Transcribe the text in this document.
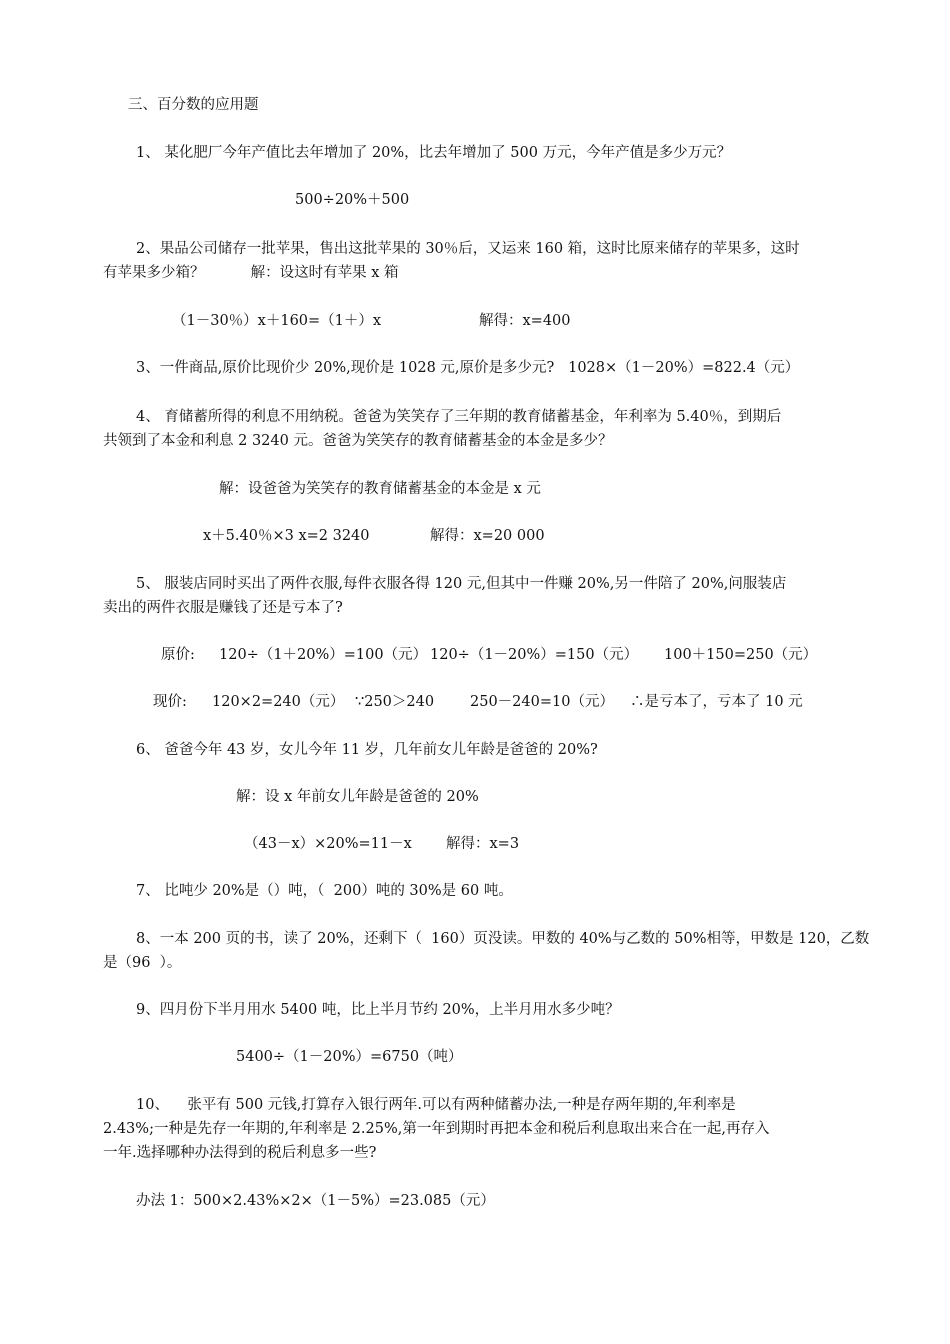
三、百分数的应用题
1、 某化肥厂今年产值比去年增加了 20%，比去年增加了 500 万元，今年产值是多少万元？
500÷20%＋500
2、果品公司储存一批苹果，售出这批苹果的 30％后，又运来 160 箱，这时比原来储存的苹果多，这时
有苹果多少箱？          解：设这时有苹果 x 箱
（1－30％）x＋160=（1＋）x	解得：x=400
3、一件商品,原价比现价少 20%,现价是 1028 元,原价是多少元?   1028×（1－20%）=822.4（元）
4、 育储蓄所得的利息不用纳税。爸爸为笑笑存了三年期的教育储蓄基金，年利率为 5.40％，到期后
共领到了本金和利息 2 3240 元。爸爸为笑笑存的教育储蓄基金的本金是多少？
解：设爸爸为笑笑存的教育储蓄基金的本金是 x 元
x＋5.40％×3 x=2 3240	解得：x=20 000
5、 服装店同时买出了两件衣服,每件衣服各得 120 元,但其中一件赚 20%,另一件陪了 20%,问服装店
卖出的两件衣服是赚钱了还是亏本了?
原价: 120÷（1＋20%）=100（元） 120÷（1－20%）=150（元） 100＋150=250（元）
现价: 120×2=240（元） ∵250＞240 250－240=10（元） ∴是亏本了，亏本了 10 元
6、 爸爸今年 43 岁，女儿今年 11 岁，几年前女儿年龄是爸爸的 20%?
解：设 x 年前女儿年龄是爸爸的 20%
（43－x）×20%=11－x 解得：x=3
7、 比吨少 20%是（）吨，（  200）吨的 30%是 60 吨。
8、一本 200 页的书，读了 20%，还剩下（  160）页没读。甲数的 40%与乙数的 50%相等，甲数是 120，乙数
是（96  ）。
9、四月份下半月用水 5400 吨，比上半月节约 20%，上半月用水多少吨？
5400÷（1－20%）=6750（吨）
10、    张平有 500 元钱,打算存入银行两年.可以有两种储蓄办法,一种是存两年期的,年利率是
2.43%;一种是先存一年期的,年利率是 2.25%,第一年到期时再把本金和税后利息取出来合在一起,再存入
一年.选择哪种办法得到的税后利息多一些?
办法 1：500×2.43%×2×（1－5%）=23.085（元）
